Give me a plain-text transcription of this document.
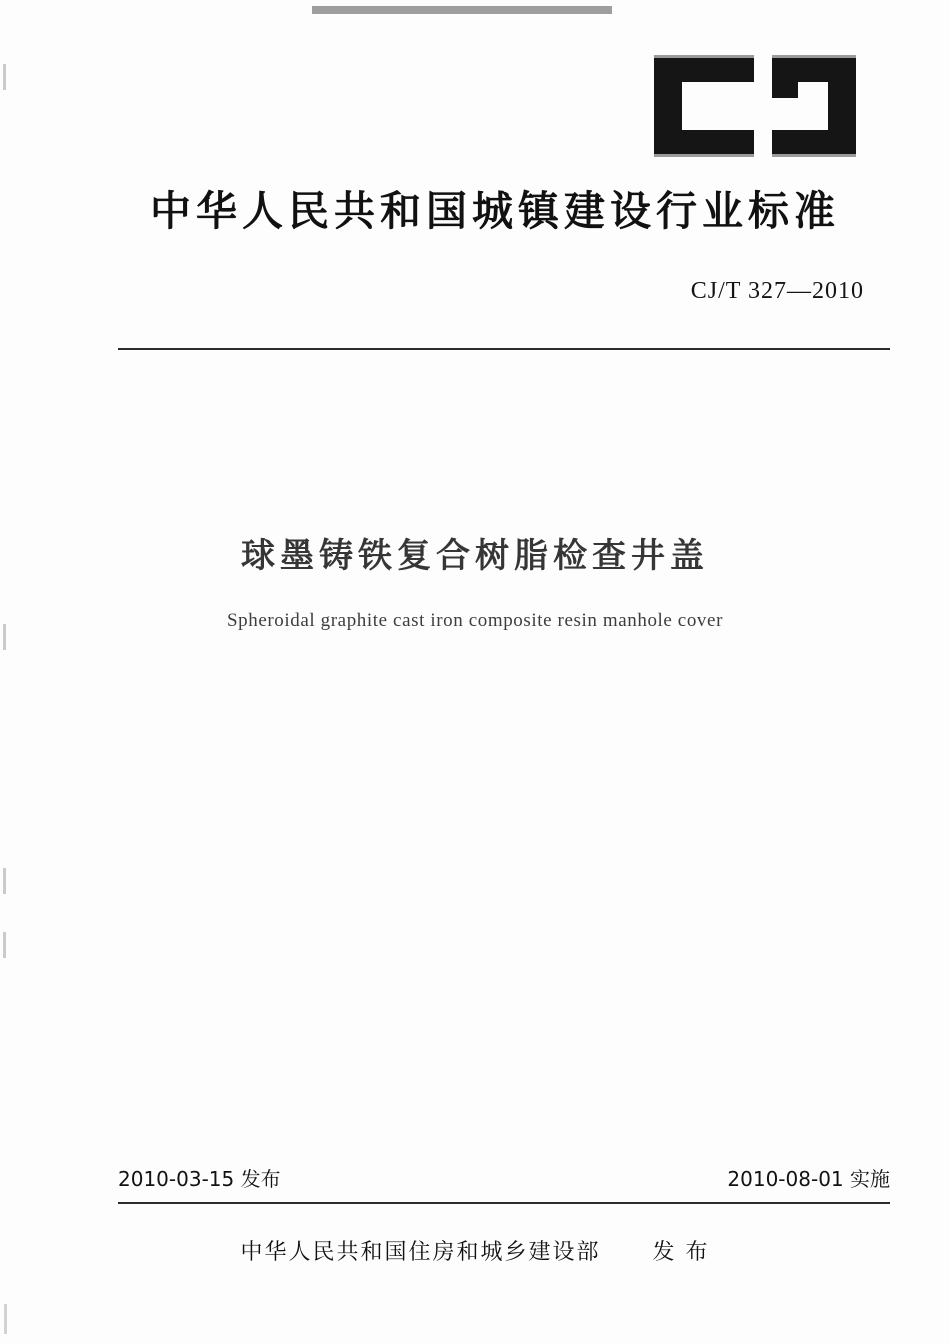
中华人民共和国城镇建设行业标准
CJ/T 327—2010
球墨铸铁复合树脂检查井盖
Spheroidal graphite cast iron composite resin manhole cover
2010-03-15 发布	2010-08-01 实施
中华人民共和国住房和城乡建设部 发 布
